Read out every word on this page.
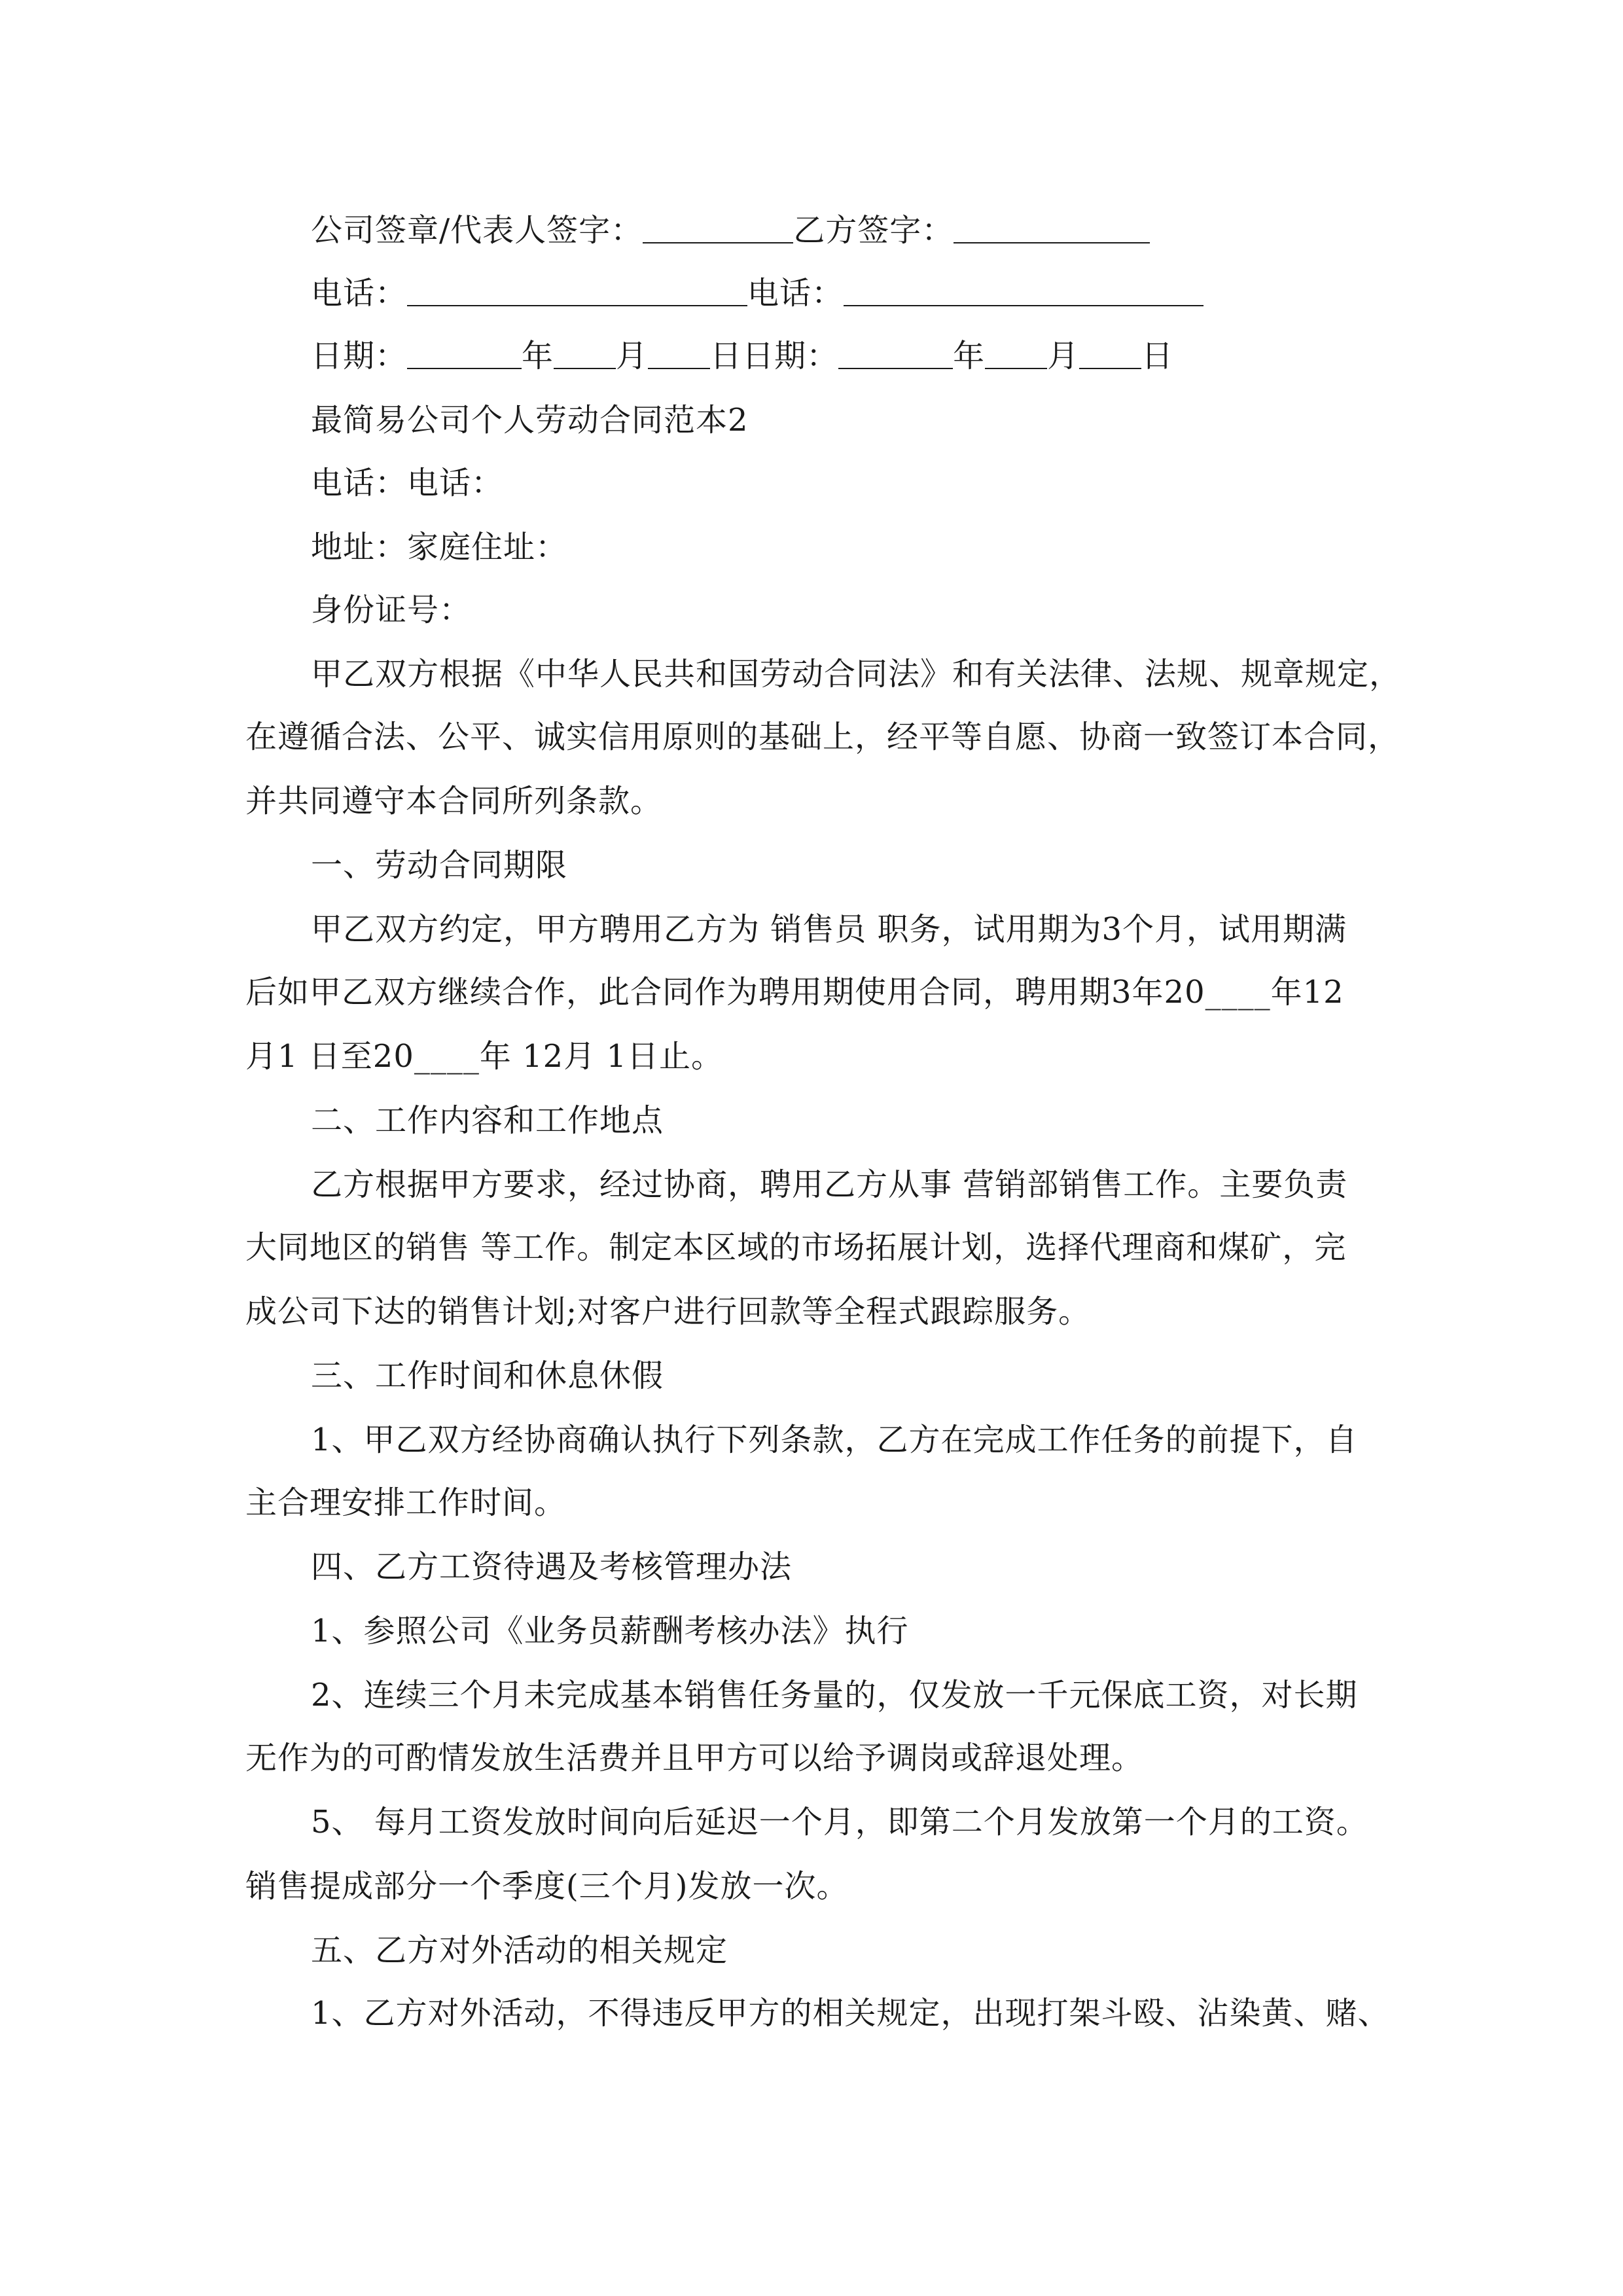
公司签章/代表人签字：	乙方签字：
电话：	电话：
日期：	年 月 日日期：	年 月 日
最简易公司个人劳动合同范本2
电话：电话：
地址：家庭住址：
身份证号：
甲乙双方根据《中华人民共和国劳动合同法》和有关法律、法规、规章规定，
在遵循合法、公平、诚实信用原则的基础上，经平等自愿、协商一致签订本合同，
并共同遵守本合同所列条款。
一、劳动合同期限
甲乙双方约定，甲方聘用乙方为 销售员 职务，试用期为3个月，试用期满
后如甲乙双方继续合作，此合同作为聘用期使用合同，聘用期3年20____年12
月1 日至20____年 12月 1日止。
二、工作内容和工作地点
乙方根据甲方要求，经过协商，聘用乙方从事 营销部销售工作。主要负责
大同地区的销售 等工作。制定本区域的市场拓展计划，选择代理商和煤矿，完
成公司下达的销售计划;对客户进行回款等全程式跟踪服务。
三、工作时间和休息休假
1、甲乙双方经协商确认执行下列条款，乙方在完成工作任务的前提下，自
主合理安排工作时间。
四、乙方工资待遇及考核管理办法
1、参照公司《业务员薪酬考核办法》执行
2、连续三个月未完成基本销售任务量的，仅发放一千元保底工资，对长期
无作为的可酌情发放生活费并且甲方可以给予调岗或辞退处理。
5、 每月工资发放时间向后延迟一个月，即第二个月发放第一个月的工资。
销售提成部分一个季度(三个月)发放一次。
五、乙方对外活动的相关规定
1、乙方对外活动，不得违反甲方的相关规定，出现打架斗殴、沾染黄、赌、
